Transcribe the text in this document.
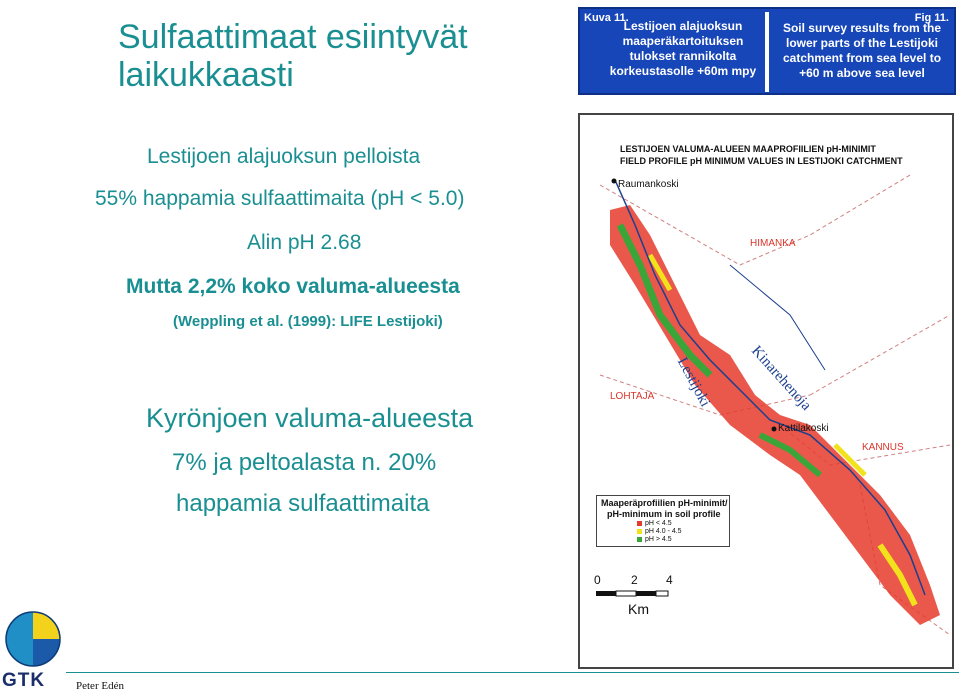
Sulfaattimaat esiintyvät laikukkaasti
Lestijoen alajuoksun pelloista
55% happamia sulfaattimaita (pH < 5.0)
Alin pH 2.68
Mutta 2,2% koko valuma-alueesta
(Weppling et al. (1999): LIFE Lestijoki)
Kyrönjoen valuma-alueesta
7% ja peltoalasta n. 20%
happamia sulfaattimaita
Kuva 11.	Fig 11.
Lestijoen alajuoksun maaperäkartoituksen tulokset rannikolta korkeustasolle +60m mpy
Soil survey results from the lower parts of the Lestijoki catchment from sea level to +60 m above sea level
LESTIJOEN VALUMA-ALUEEN MAAPROFIILIEN pH-MINIMIT
FIELD PROFILE pH MINIMUM VALUES IN LESTIJOKI CATCHMENT
Raumankoski
HIMANKA
LOHTAJA
Kattilakoski
KANNUS
Kinarehenoja
Lestijoki
Maaperäprofiilien pH-minimit/
pH-minimum in soil profile
pH < 4.5
pH 4.0 - 4.5
pH > 4.5
0	2 4
Km
GTK	Peter Edén
